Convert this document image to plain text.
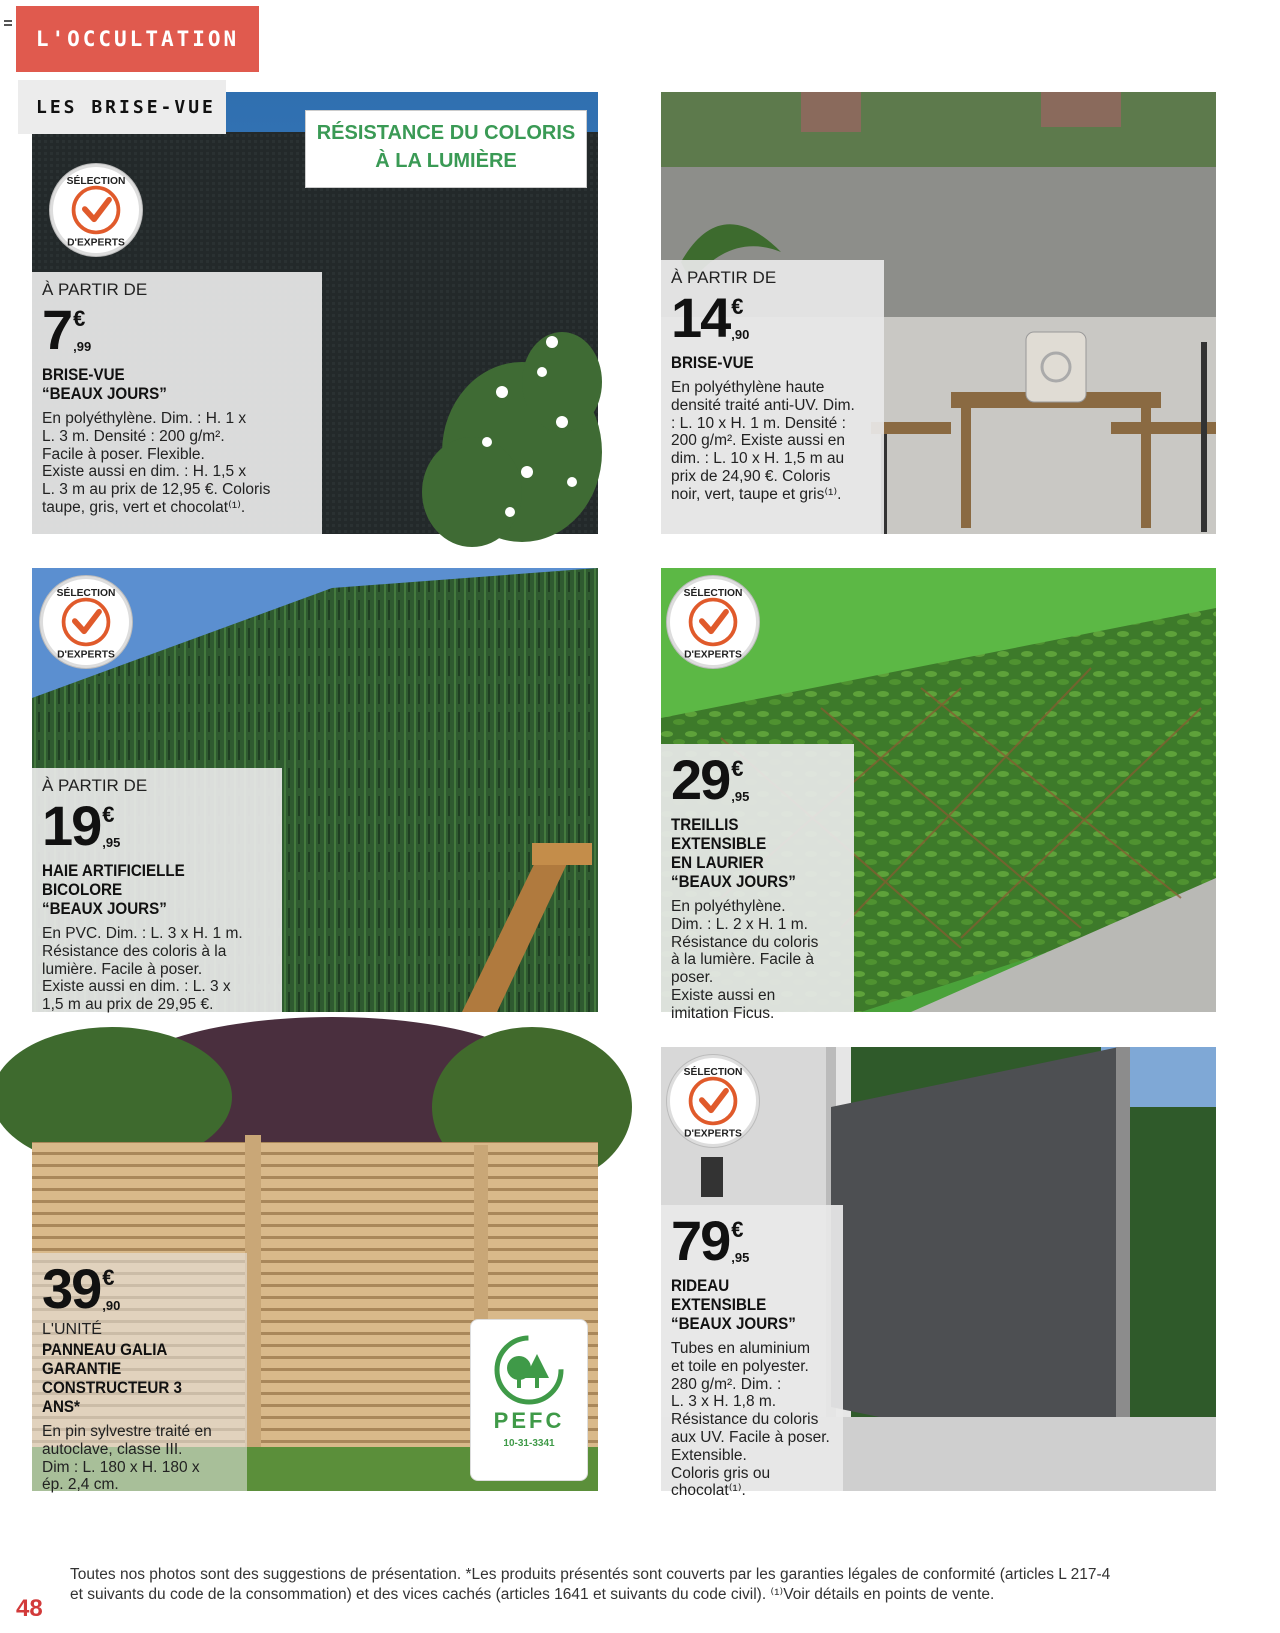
L'OCCULTATION
SÉLECTION
D'EXPERTS
À PARTIR DE
7 €
,99
BRISE-VUE
“BEAUX JOURS”
En polyéthylène. Dim. : H. 1 x
L. 3 m. Densité : 200 g/m².
Facile à poser. Flexible.
Existe aussi en dim. : H. 1,5 x
L. 3 m au prix de 12,95 €. Coloris
taupe, gris, vert et chocolat⁽¹⁾.
LES BRISE-VUE
RÉSISTANCE DU COLORIS
À LA LUMIÈRE
À PARTIR DE
14 €
,90
BRISE-VUE
En polyéthylène haute
densité traité anti-UV. Dim.
: L. 10 x H. 1 m. Densité :
200 g/m². Existe aussi en
dim. : L. 10 x H. 1,5 m au
prix de 24,90 €. Coloris
noir, vert, taupe et gris⁽¹⁾.
SÉLECTION
D'EXPERTS
À PARTIR DE
19 €
,95
HAIE ARTIFICIELLE BICOLORE
“BEAUX JOURS”
En PVC. Dim. : L. 3 x H. 1 m.
Résistance des coloris à la
lumière. Facile à poser.
Existe aussi en dim. : L. 3 x
1,5 m au prix de 29,95 €.
SÉLECTION
D'EXPERTS
29 €
,95
TREILLIS EXTENSIBLE
EN LAURIER
“BEAUX JOURS”
En polyéthylène.
Dim. : L. 2 x H. 1 m.
Résistance du coloris
à la lumière. Facile à
poser.
Existe aussi en
imitation Ficus.
39 €
,90
L'UNITÉ
PANNEAU GALIA
GARANTIE
CONSTRUCTEUR 3 ANS*
En pin sylvestre traité en
autoclave, classe III.
Dim : L. 180 x H. 180 x
ép. 2,4 cm.
PEFC
10-31-3341
SÉLECTION
D'EXPERTS
79 €
,95
RIDEAU EXTENSIBLE
“BEAUX JOURS”
Tubes en aluminium
et toile en polyester.
280 g/m². Dim. :
L. 3 x H. 1,8 m.
Résistance du coloris
aux UV. Facile à poser.
Extensible.
Coloris gris ou
chocolat⁽¹⁾.
48
Toutes nos photos sont des suggestions de présentation. *Les produits présentés sont couverts par les garanties légales de conformité (articles L 217-4
et suivants du code de la consommation) et des vices cachés (articles 1641 et suivants du code civil). ⁽¹⁾Voir détails en points de vente.
